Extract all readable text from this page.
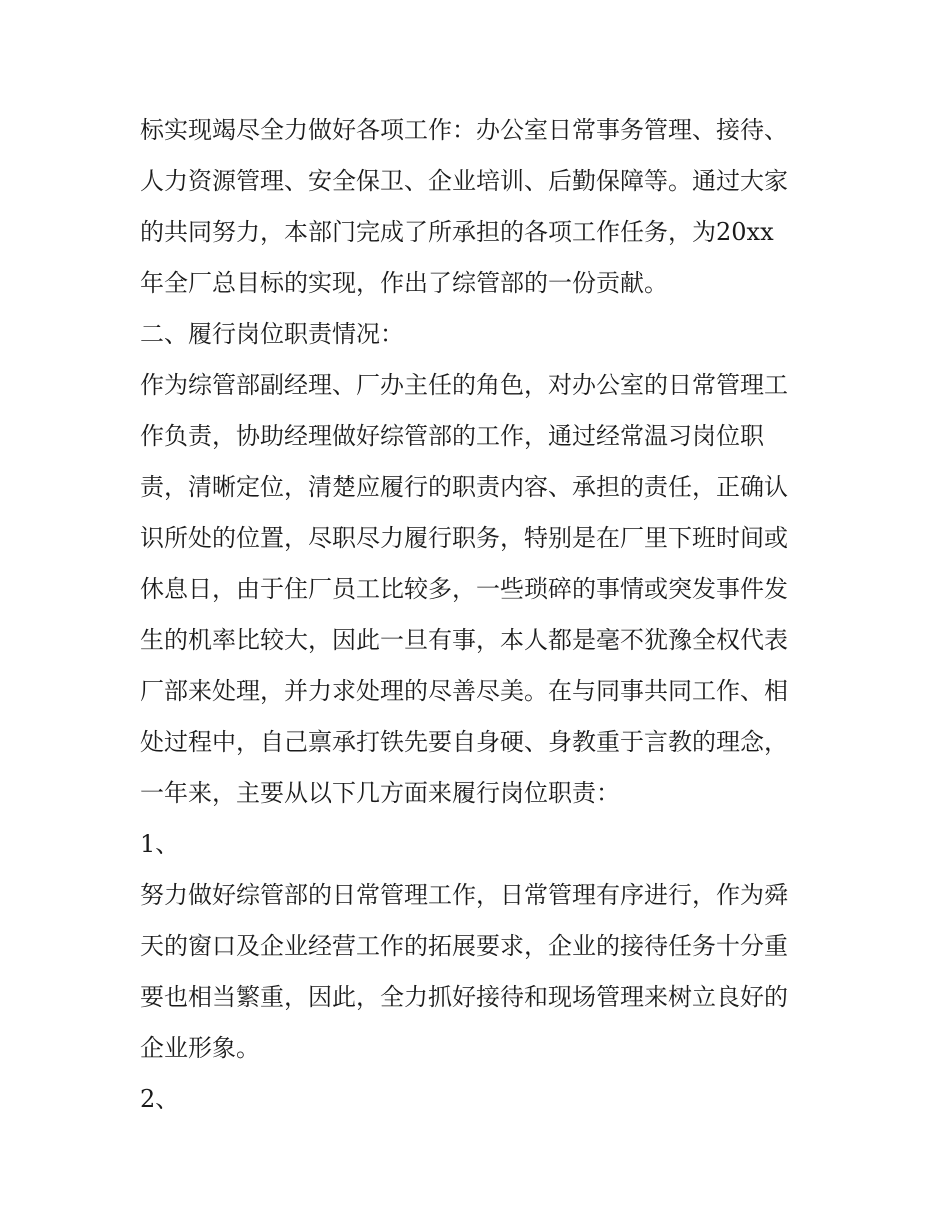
标实现竭尽全力做好各项工作：办公室日常事务管理、接待、
人力资源管理、安全保卫、企业培训、后勤保障等。通过大家
的共同努力，本部门完成了所承担的各项工作任务，为20xx
年全厂总目标的实现，作出了综管部的一份贡献。
二、履行岗位职责情况：
作为综管部副经理、厂办主任的角色，对办公室的日常管理工
作负责，协助经理做好综管部的工作，通过经常温习岗位职
责，清晰定位，清楚应履行的职责内容、承担的责任，正确认
识所处的位置，尽职尽力履行职务，特别是在厂里下班时间或
休息日，由于住厂员工比较多，一些琐碎的事情或突发事件发
生的机率比较大，因此一旦有事，本人都是毫不犹豫全权代表
厂部来处理，并力求处理的尽善尽美。在与同事共同工作、相
处过程中，自己禀承打铁先要自身硬、身教重于言教的理念，
一年来，主要从以下几方面来履行岗位职责：
1、
努力做好综管部的日常管理工作，日常管理有序进行，作为舜
天的窗口及企业经营工作的拓展要求，企业的接待任务十分重
要也相当繁重，因此，全力抓好接待和现场管理来树立良好的
企业形象。
2、
